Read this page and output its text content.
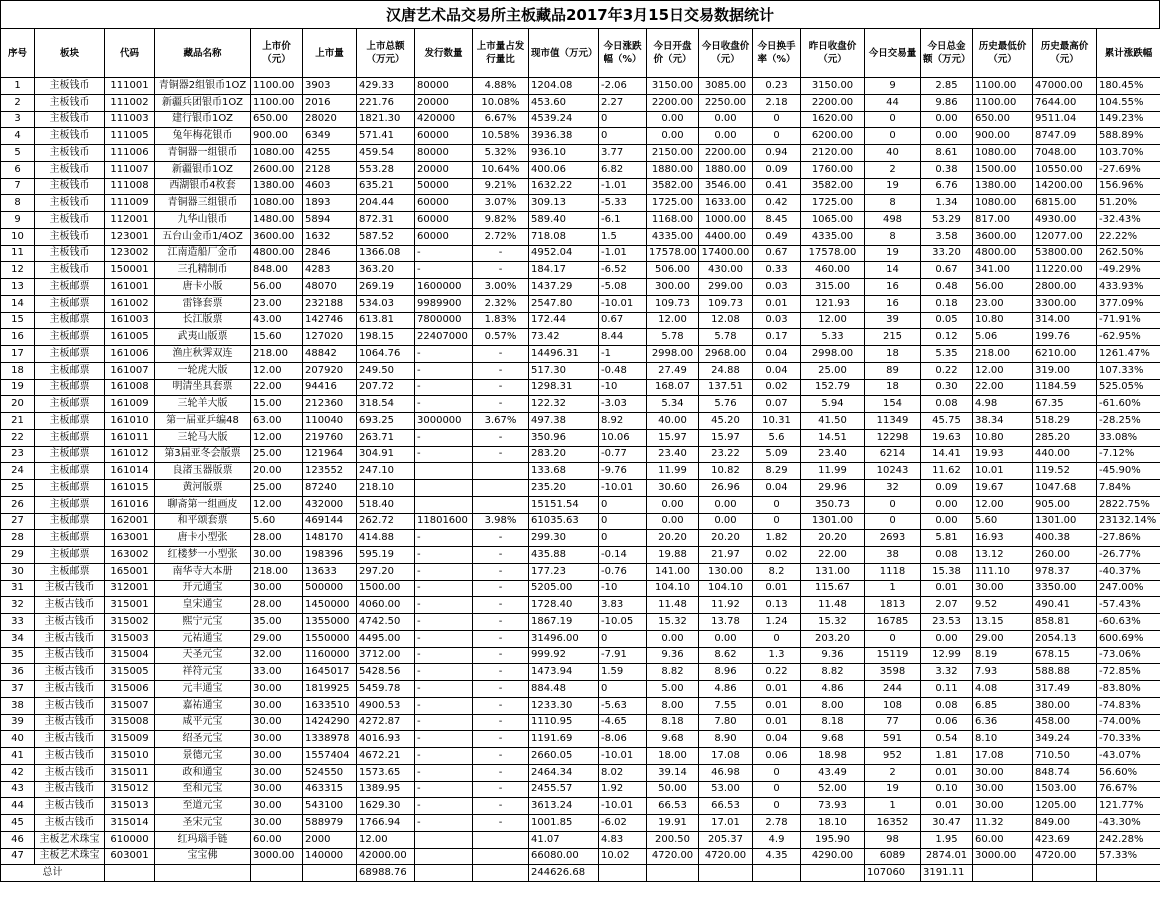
汉唐艺术品交易所主板藏品2017年3月15日交易数据统计
序号	板块	代码	藏品名称	上市价（元）	上市量	上市总额（万元）	发行数量	上市量占发行量比	现市值（万元）	今日涨跌幅（%）	今日开盘价（元）	今日收盘价（元）	今日换手率（%）	昨日收盘价（元）	今日交易量	今日总金额（万元）	历史最低价（元）	历史最高价（元）	累计涨跌幅
1	主板钱币	111001	青铜器2组银币1OZ	1100.00	3903	429.33	80000	4.88%	1204.08	-2.06	3150.00	3085.00	0.23	3150.00	9	2.85	1100.00	47000.00	180.45%
2	主板钱币	111002	新疆兵团银币1OZ	1100.00	2016	221.76	20000	10.08%	453.60	2.27	2200.00	2250.00	2.18	2200.00	44	9.86	1100.00	7644.00	104.55%
3	主板钱币	111003	建行银币1OZ	650.00	28020	1821.30	420000	6.67%	4539.24	0	0.00	0.00	0	1620.00	0	0.00	650.00	9511.04	149.23%
4	主板钱币	111005	兔年梅花银币	900.00	6349	571.41	60000	10.58%	3936.38	0	0.00	0.00	0	6200.00	0	0.00	900.00	8747.09	588.89%
5	主板钱币	111006	青铜器一组银币	1080.00	4255	459.54	80000	5.32%	936.10	3.77	2150.00	2200.00	0.94	2120.00	40	8.61	1080.00	7048.00	103.70%
6	主板钱币	111007	新疆银币1OZ	2600.00	2128	553.28	20000	10.64%	400.06	6.82	1880.00	1880.00	0.09	1760.00	2	0.38	1500.00	10550.00	-27.69%
7	主板钱币	111008	西湖银币4枚套	1380.00	4603	635.21	50000	9.21%	1632.22	-1.01	3582.00	3546.00	0.41	3582.00	19	6.76	1380.00	14200.00	156.96%
8	主板钱币	111009	青铜器三组银币	1080.00	1893	204.44	60000	3.07%	309.13	-5.33	1725.00	1633.00	0.42	1725.00	8	1.34	1080.00	6815.00	51.20%
9	主板钱币	112001	九华山银币	1480.00	5894	872.31	60000	9.82%	589.40	-6.1	1168.00	1000.00	8.45	1065.00	498	53.29	817.00	4930.00	-32.43%
10	主板钱币	123001	五台山金币1/4OZ	3600.00	1632	587.52	60000	2.72%	718.08	1.5	4335.00	4400.00	0.49	4335.00	8	3.58	3600.00	12077.00	22.22%
11	主板钱币	123002	江南造船厂金币	4800.00	2846	1366.08	-	-	4952.04	-1.01	17578.00	17400.00	0.67	17578.00	19	33.20	4800.00	53800.00	262.50%
12	主板钱币	150001	三孔精制币	848.00	4283	363.20	-	-	184.17	-6.52	506.00	430.00	0.33	460.00	14	0.67	341.00	11220.00	-49.29%
13	主板邮票	161001	唐卡小版	56.00	48070	269.19	1600000	3.00%	1437.29	-5.08	300.00	299.00	0.03	315.00	16	0.48	56.00	2800.00	433.93%
14	主板邮票	161002	雷锋套票	23.00	232188	534.03	9989900	2.32%	2547.80	-10.01	109.73	109.73	0.01	121.93	16	0.18	23.00	3300.00	377.09%
15	主板邮票	161003	长江版票	43.00	142746	613.81	7800000	1.83%	172.44	0.67	12.00	12.08	0.03	12.00	39	0.05	10.80	314.00	-71.91%
16	主板邮票	161005	武夷山版票	15.60	127020	198.15	22407000	0.57%	73.42	8.44	5.78	5.78	0.17	5.33	215	0.12	5.06	199.76	-62.95%
17	主板邮票	161006	渔庄秋霁双连	218.00	48842	1064.76	-	-	14496.31	-1	2998.00	2968.00	0.04	2998.00	18	5.35	218.00	6210.00	1261.47%
18	主板邮票	161007	一轮虎大版	12.00	207920	249.50	-	-	517.30	-0.48	27.49	24.88	0.04	25.00	89	0.22	12.00	319.00	107.33%
19	主板邮票	161008	明清坐具套票	22.00	94416	207.72	-	-	1298.31	-10	168.07	137.51	0.02	152.79	18	0.30	22.00	1184.59	525.05%
20	主板邮票	161009	三轮羊大版	15.00	212360	318.54	-	-	122.32	-3.03	5.34	5.76	0.07	5.94	154	0.08	4.98	67.35	-61.60%
21	主板邮票	161010	第一届亚乒编48	63.00	110040	693.25	3000000	3.67%	497.38	8.92	40.00	45.20	10.31	41.50	11349	45.75	38.34	518.29	-28.25%
22	主板邮票	161011	三轮马大版	12.00	219760	263.71	-	-	350.96	10.06	15.97	15.97	5.6	14.51	12298	19.63	10.80	285.20	33.08%
23	主板邮票	161012	第3届亚冬会版票	25.00	121964	304.91	-	-	283.20	-0.77	23.40	23.22	5.09	23.40	6214	14.41	19.93	440.00	-7.12%
24	主板邮票	161014	良渚玉器版票	20.00	123552	247.10			133.68	-9.76	11.99	10.82	8.29	11.99	10243	11.62	10.01	119.52	-45.90%
25	主板邮票	161015	黄河版票	25.00	87240	218.10			235.20	-10.01	30.60	26.96	0.04	29.96	32	0.09	19.67	1047.68	7.84%
26	主板邮票	161016	聊斋第一组画皮	12.00	432000	518.40			15151.54	0	0.00	0.00	0	350.73	0	0.00	12.00	905.00	2822.75%
27	主板邮票	162001	和平颂套票	5.60	469144	262.72	11801600	3.98%	61035.63	0	0.00	0.00	0	1301.00	0	0.00	5.60	1301.00	23132.14%
28	主板邮票	163001	唐卡小型张	28.00	148170	414.88	-	-	299.30	0	20.20	20.20	1.82	20.20	2693	5.81	16.93	400.38	-27.86%
29	主板邮票	163002	红楼梦一小型张	30.00	198396	595.19	-	-	435.88	-0.14	19.88	21.97	0.02	22.00	38	0.08	13.12	260.00	-26.77%
30	主板邮票	165001	南华寺大本册	218.00	13633	297.20	-	-	177.23	-0.76	141.00	130.00	8.2	131.00	1118	15.38	111.10	978.37	-40.37%
31	主板古钱币	312001	开元通宝	30.00	500000	1500.00	-	-	5205.00	-10	104.10	104.10	0.01	115.67	1	0.01	30.00	3350.00	247.00%
32	主板古钱币	315001	皇宋通宝	28.00	1450000	4060.00	-	-	1728.40	3.83	11.48	11.92	0.13	11.48	1813	2.07	9.52	490.41	-57.43%
33	主板古钱币	315002	熙宁元宝	35.00	1355000	4742.50	-	-	1867.19	-10.05	15.32	13.78	1.24	15.32	16785	23.53	13.15	858.81	-60.63%
34	主板古钱币	315003	元祐通宝	29.00	1550000	4495.00	-	-	31496.00	0	0.00	0.00	0	203.20	0	0.00	29.00	2054.13	600.69%
35	主板古钱币	315004	天圣元宝	32.00	1160000	3712.00	-	-	999.92	-7.91	9.36	8.62	1.3	9.36	15119	12.99	8.19	678.15	-73.06%
36	主板古钱币	315005	祥符元宝	33.00	1645017	5428.56	-	-	1473.94	1.59	8.82	8.96	0.22	8.82	3598	3.32	7.93	588.88	-72.85%
37	主板古钱币	315006	元丰通宝	30.00	1819925	5459.78	-	-	884.48	0	5.00	4.86	0.01	4.86	244	0.11	4.08	317.49	-83.80%
38	主板古钱币	315007	嘉祐通宝	30.00	1633510	4900.53	-	-	1233.30	-5.63	8.00	7.55	0.01	8.00	108	0.08	6.85	380.00	-74.83%
39	主板古钱币	315008	咸平元宝	30.00	1424290	4272.87	-	-	1110.95	-4.65	8.18	7.80	0.01	8.18	77	0.06	6.36	458.00	-74.00%
40	主板古钱币	315009	绍圣元宝	30.00	1338978	4016.93	-	-	1191.69	-8.06	9.68	8.90	0.04	9.68	591	0.54	8.10	349.24	-70.33%
41	主板古钱币	315010	景德元宝	30.00	1557404	4672.21	-	-	2660.05	-10.01	18.00	17.08	0.06	18.98	952	1.81	17.08	710.50	-43.07%
42	主板古钱币	315011	政和通宝	30.00	524550	1573.65	-	-	2464.34	8.02	39.14	46.98	0	43.49	2	0.01	30.00	848.74	56.60%
43	主板古钱币	315012	至和元宝	30.00	463315	1389.95	-	-	2455.57	1.92	50.00	53.00	0	52.00	19	0.10	30.00	1503.00	76.67%
44	主板古钱币	315013	至道元宝	30.00	543100	1629.30	-	-	3613.24	-10.01	66.53	66.53	0	73.93	1	0.01	30.00	1205.00	121.77%
45	主板古钱币	315014	圣宋元宝	30.00	588979	1766.94	-	-	1001.85	-6.02	19.91	17.01	2.78	18.10	16352	30.47	11.32	849.00	-43.30%
46	主板艺术珠宝	610000	红玛瑙手链	60.00	2000	12.00			41.07	4.83	200.50	205.37	4.9	195.90	98	1.95	60.00	423.69	242.28%
47	主板艺术珠宝	603001	宝宝佛	3000.00	140000	42000.00			66080.00	10.02	4720.00	4720.00	4.35	4290.00	6089	2874.01	3000.00	4720.00	57.33%
总计						68988.76			244626.68						107060	3191.11			
